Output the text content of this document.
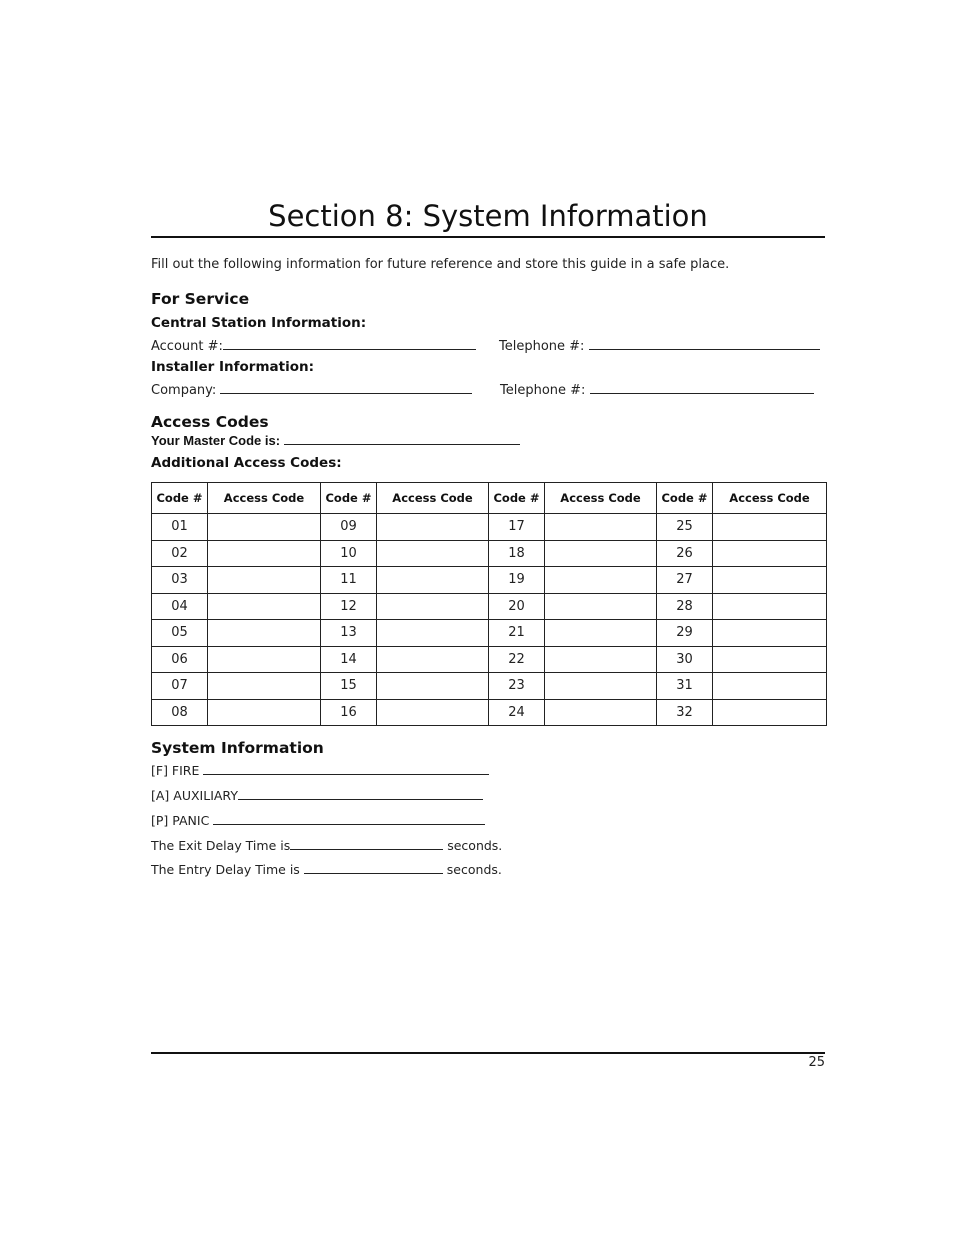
Section 8: System Information
Fill out the following information for future reference and store this guide in a safe place.
For Service
Central Station Information:
Account #:	Telephone #:
Installer Information:
Company:	Telephone #:
Access Codes
Your Master Code is:
Additional Access Codes:
Code #	Access Code	Code #	Access Code	Code #	Access Code	Code #	Access Code
01		09		17		25	
02		10		18		26	
03		11		19		27	
04		12		20		28	
05		13		21		29	
06		14		22		30	
07		15		23		31	
08		16		24		32	
System Information
[F] FIRE
[A] AUXILIARY
[P] PANIC
The Exit Delay Time is	seconds.
The Entry Delay Time is	seconds.
25
